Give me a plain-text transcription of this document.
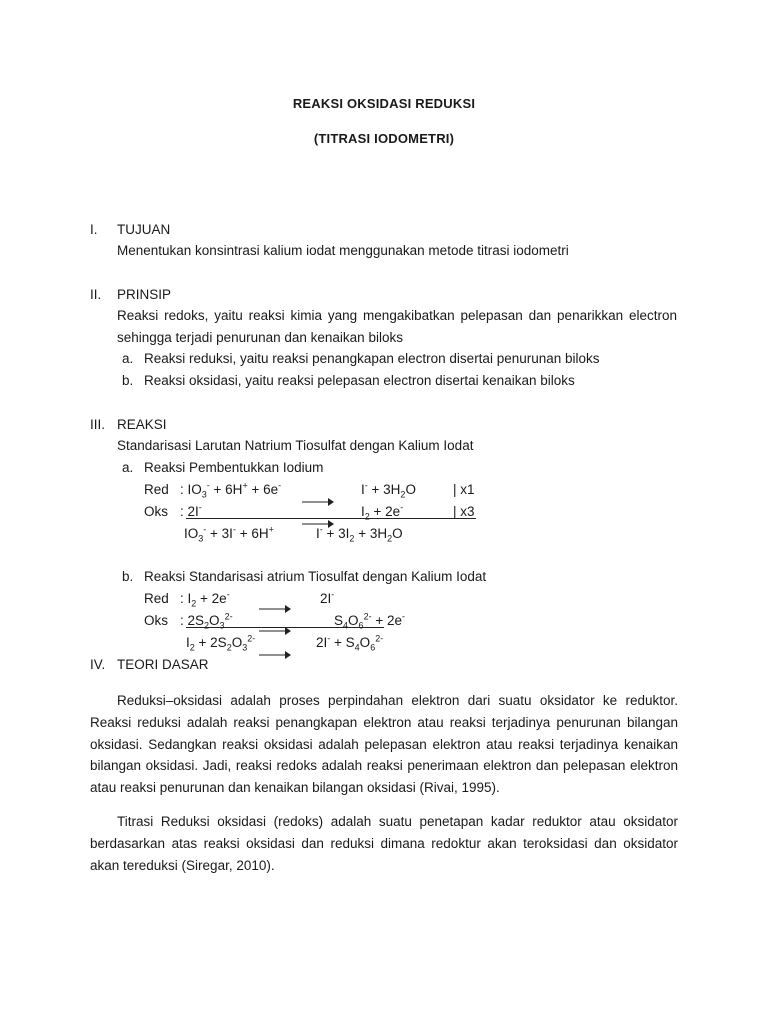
REAKSI OKSIDASI REDUKSI
(TITRASI IODOMETRI)
I. TUJUAN
Menentukan konsintrasi kalium iodat menggunakan metode titrasi iodometri
II. PRINSIP
Reaksi redoks, yaitu reaksi kimia yang mengakibatkan pelepasan dan penarikkan electron sehingga terjadi penurunan dan kenaikan biloks
a. Reaksi reduksi, yaitu reaksi penangkapan electron disertai penurunan biloks
b. Reaksi oksidasi, yaitu reaksi pelepasan electron disertai kenaikan biloks
III. REAKSI
Standarisasi Larutan Natrium Tiosulfat dengan Kalium Iodat
a. Reaksi Pembentukkan Iodium
Red : $IO_3^- + 6H^+ + 6e^-$	$I^- + 3H_2O$	| x1
Oks : 2I-	$I_2 + 2e^-$	| x3
$IO_3^- + 3I^- + 6H^+$	$I^- + 3I_2 + 3H_2O$
b. Reaksi Standarisasi atrium Tiosulfat dengan Kalium Iodat
Red : $I_2 + 2e^-$	2I-
Oks : $2S_2O_3^{2-}$	$S_4O_6^{2-} + 2e^-$
$I_2 + 2S_2O_3^{2-}$	$2I^- + S_4O_6^{2-}$
IV. TEORI DASAR
Reduksi–oksidasi adalah proses perpindahan elektron dari suatu oksidator ke reduktor. Reaksi reduksi adalah reaksi penangkapan elektron atau reaksi terjadinya penurunan bilangan oksidasi. Sedangkan reaksi oksidasi adalah pelepasan elektron atau reaksi terjadinya kenaikan bilangan oksidasi. Jadi, reaksi redoks adalah reaksi penerimaan elektron dan pelepasan elektron atau reaksi penurunan dan kenaikan bilangan oksidasi (Rivai, 1995).
Titrasi Reduksi oksidasi (redoks) adalah suatu penetapan kadar reduktor atau oksidator berdasarkan atas reaksi oksidasi dan reduksi dimana redoktur akan teroksidasi dan oksidator akan tereduksi (Siregar, 2010).
